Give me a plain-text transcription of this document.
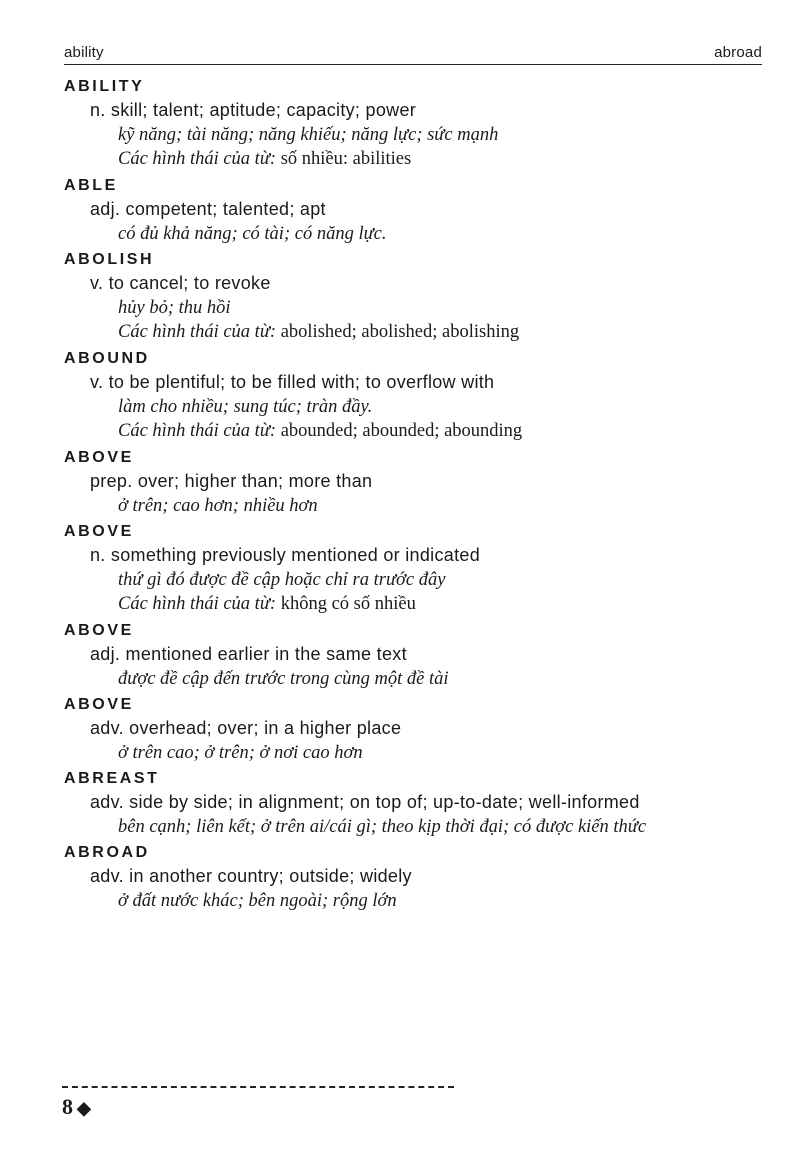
ability	abroad
ABILITY
n. skill; talent; aptitude; capacity; power
kỹ năng; tài năng; năng khiếu; năng lực; sức mạnh
Các hình thái của từ: số nhiều: abilities
ABLE
adj. competent; talented; apt
có đủ khả năng; có tài; có năng lực.
ABOLISH
v. to cancel; to revoke
hủy bỏ; thu hồi
Các hình thái của từ: abolished; abolished; abolishing
ABOUND
v. to be plentiful; to be filled with; to overflow with
làm cho nhiều; sung túc; tràn đầy.
Các hình thái của từ: abounded; abounded; abounding
ABOVE
prep. over; higher than; more than
ở trên; cao hơn; nhiều hơn
ABOVE
n. something previously mentioned or indicated
thứ gì đó được đề cập hoặc chỉ ra trước đây
Các hình thái của từ: không có số nhiều
ABOVE
adj. mentioned earlier in the same text
được đề cập đến trước trong cùng một đề tài
ABOVE
adv. overhead; over; in a higher place
ở trên cao; ở trên; ở nơi cao hơn
ABREAST
adv. side by side; in alignment; on top of; up-to-date; well-informed
bên cạnh; liên kết; ở trên ai/cái gì; theo kịp thời đại; có được kiến thức
ABROAD
adv. in another country; outside; widely
ở đất nước khác; bên ngoài; rộng lớn
8 ◆
